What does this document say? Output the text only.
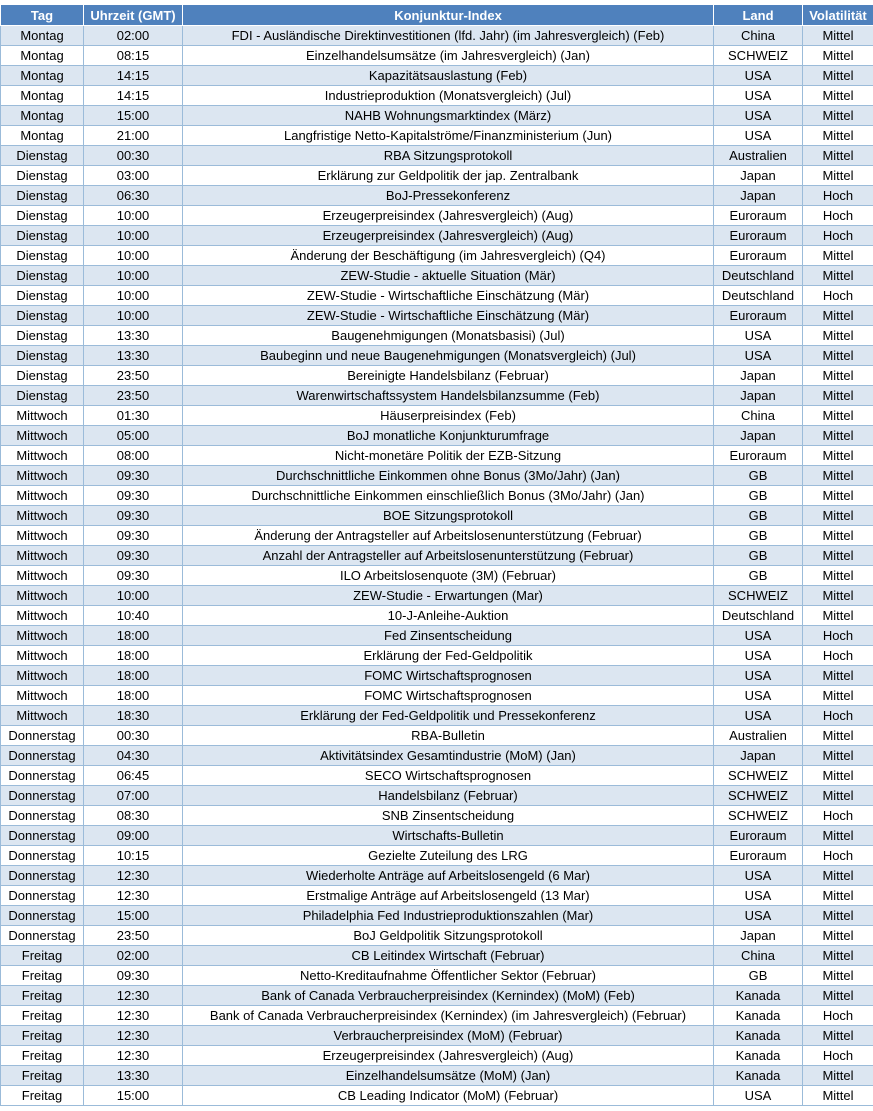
Tag	Uhrzeit (GMT)	Konjunktur-Index	Land	Volatilität
Montag	02:00	FDI - Ausländische Direktinvestitionen (lfd. Jahr) (im Jahresvergleich) (Feb)	China	Mittel
Montag	08:15	Einzelhandelsumsätze (im Jahresvergleich) (Jan)	SCHWEIZ	Mittel
Montag	14:15	Kapazitätsauslastung (Feb)	USA	Mittel
Montag	14:15	Industrieproduktion (Monatsvergleich) (Jul)	USA	Mittel
Montag	15:00	NAHB Wohnungsmarktindex (März)	USA	Mittel
Montag	21:00	Langfristige Netto-Kapitalströme/Finanzministerium (Jun)	USA	Mittel
Dienstag	00:30	RBA Sitzungsprotokoll	Australien	Mittel
Dienstag	03:00	Erklärung zur Geldpolitik der jap. Zentralbank	Japan	Mittel
Dienstag	06:30	BoJ-Pressekonferenz	Japan	Hoch
Dienstag	10:00	Erzeugerpreisindex (Jahresvergleich) (Aug)	Euroraum	Hoch
Dienstag	10:00	Erzeugerpreisindex (Jahresvergleich) (Aug)	Euroraum	Hoch
Dienstag	10:00	Änderung der Beschäftigung (im Jahresvergleich) (Q4)	Euroraum	Mittel
Dienstag	10:00	ZEW-Studie - aktuelle Situation (Mär)	Deutschland	Mittel
Dienstag	10:00	ZEW-Studie - Wirtschaftliche Einschätzung (Mär)	Deutschland	Hoch
Dienstag	10:00	ZEW-Studie - Wirtschaftliche Einschätzung (Mär)	Euroraum	Mittel
Dienstag	13:30	Baugenehmigungen (Monatsbasisi) (Jul)	USA	Mittel
Dienstag	13:30	Baubeginn und neue Baugenehmigungen (Monatsvergleich) (Jul)	USA	Mittel
Dienstag	23:50	Bereinigte Handelsbilanz (Februar)	Japan	Mittel
Dienstag	23:50	Warenwirtschaftssystem Handelsbilanzsumme (Feb)	Japan	Mittel
Mittwoch	01:30	Häuserpreisindex (Feb)	China	Mittel
Mittwoch	05:00	BoJ monatliche Konjunkturumfrage	Japan	Mittel
Mittwoch	08:00	Nicht-monetäre Politik der EZB-Sitzung	Euroraum	Mittel
Mittwoch	09:30	Durchschnittliche Einkommen ohne Bonus (3Mo/Jahr) (Jan)	GB	Mittel
Mittwoch	09:30	Durchschnittliche Einkommen einschließlich Bonus (3Mo/Jahr) (Jan)	GB	Mittel
Mittwoch	09:30	BOE Sitzungsprotokoll	GB	Mittel
Mittwoch	09:30	Änderung der Antragsteller auf Arbeitslosenunterstützung (Februar)	GB	Mittel
Mittwoch	09:30	Anzahl der Antragsteller auf Arbeitslosenunterstützung (Februar)	GB	Mittel
Mittwoch	09:30	ILO Arbeitslosenquote (3M) (Februar)	GB	Mittel
Mittwoch	10:00	ZEW-Studie - Erwartungen (Mar)	SCHWEIZ	Mittel
Mittwoch	10:40	10-J-Anleihe-Auktion	Deutschland	Mittel
Mittwoch	18:00	Fed Zinsentscheidung	USA	Hoch
Mittwoch	18:00	Erklärung der Fed-Geldpolitik	USA	Hoch
Mittwoch	18:00	FOMC Wirtschaftsprognosen	USA	Mittel
Mittwoch	18:00	FOMC Wirtschaftsprognosen	USA	Mittel
Mittwoch	18:30	Erklärung der Fed-Geldpolitik und Pressekonferenz	USA	Hoch
Donnerstag	00:30	RBA-Bulletin	Australien	Mittel
Donnerstag	04:30	Aktivitätsindex Gesamtindustrie (MoM) (Jan)	Japan	Mittel
Donnerstag	06:45	SECO Wirtschaftsprognosen	SCHWEIZ	Mittel
Donnerstag	07:00	Handelsbilanz (Februar)	SCHWEIZ	Mittel
Donnerstag	08:30	SNB Zinsentscheidung	SCHWEIZ	Hoch
Donnerstag	09:00	Wirtschafts-Bulletin	Euroraum	Mittel
Donnerstag	10:15	Gezielte Zuteilung des LRG	Euroraum	Hoch
Donnerstag	12:30	Wiederholte Anträge auf Arbeitslosengeld (6 Mar)	USA	Mittel
Donnerstag	12:30	Erstmalige Anträge auf Arbeitslosengeld (13 Mar)	USA	Mittel
Donnerstag	15:00	Philadelphia Fed Industrieproduktionszahlen (Mar)	USA	Mittel
Donnerstag	23:50	BoJ Geldpolitik Sitzungsprotokoll	Japan	Mittel
Freitag	02:00	CB Leitindex Wirtschaft (Februar)	China	Mittel
Freitag	09:30	Netto-Kreditaufnahme Öffentlicher Sektor (Februar)	GB	Mittel
Freitag	12:30	Bank of Canada Verbraucherpreisindex (Kernindex) (MoM) (Feb)	Kanada	Mittel
Freitag	12:30	Bank of Canada Verbraucherpreisindex (Kernindex) (im Jahresvergleich) (Februar)	Kanada	Hoch
Freitag	12:30	Verbraucherpreisindex (MoM) (Februar)	Kanada	Mittel
Freitag	12:30	Erzeugerpreisindex (Jahresvergleich) (Aug)	Kanada	Hoch
Freitag	13:30	Einzelhandelsumsätze (MoM) (Jan)	Kanada	Mittel
Freitag	15:00	CB Leading Indicator (MoM) (Februar)	USA	Mittel
